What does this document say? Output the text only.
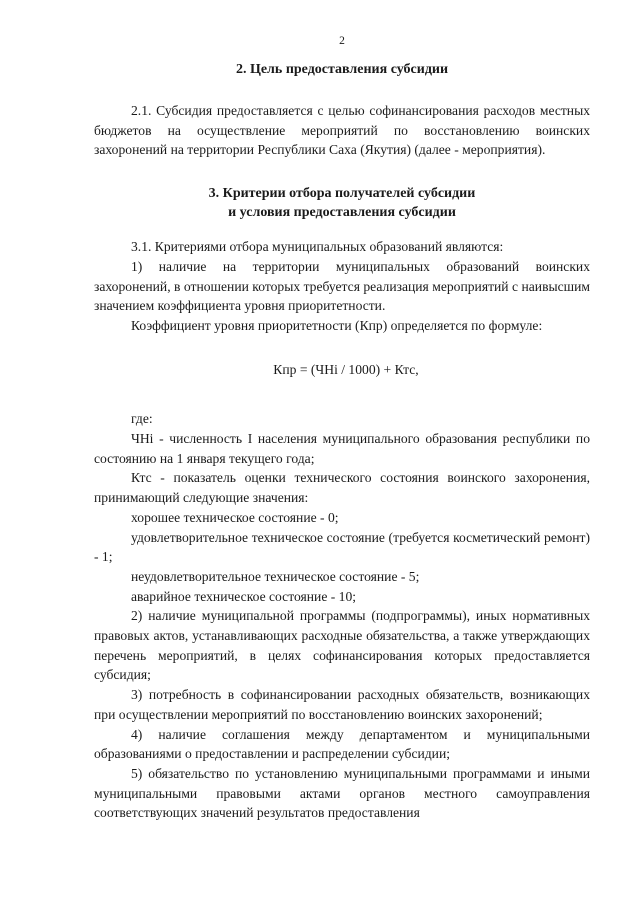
2

2. Цель предоставления субсидии

2.1. Субсидия предоставляется с целью софинансирования расходов местных бюджетов на осуществление мероприятий по восстановлению воинских захоронений на территории Республики Саха (Якутия) (далее - мероприятия).

3. Критерии отбора получателей субсидии
и условия предоставления субсидии

3.1. Критериями отбора муниципальных образований являются:

1) наличие на территории муниципальных образований воинских захоронений, в отношении которых требуется реализация мероприятий с наивысшим значением коэффициента уровня приоритетности.

Коэффициент уровня приоритетности (Кпр) определяется по формуле:

Кпр = (ЧНi / 1000) + Ктс,

где:

ЧНi - численность I населения муниципального образования республики по состоянию на 1 января текущего года;

Ктс - показатель оценки технического состояния воинского захоронения, принимающий следующие значения:

хорошее техническое состояние - 0;

удовлетворительное техническое состояние (требуется косметический ремонт) - 1;

неудовлетворительное техническое состояние - 5;

аварийное техническое состояние - 10;

2) наличие муниципальной программы (подпрограммы), иных нормативных правовых актов, устанавливающих расходные обязательства, а также утверждающих перечень мероприятий, в целях софинансирования которых предоставляется субсидия;

3) потребность в софинансировании расходных обязательств, возникающих при осуществлении мероприятий по восстановлению воинских захоронений;

4) наличие соглашения между департаментом и муниципальными образованиями о предоставлении и распределении субсидии;

5) обязательство по установлению муниципальными программами и иными муниципальными правовыми актами органов местного самоуправления соответствующих значений результатов предоставления
